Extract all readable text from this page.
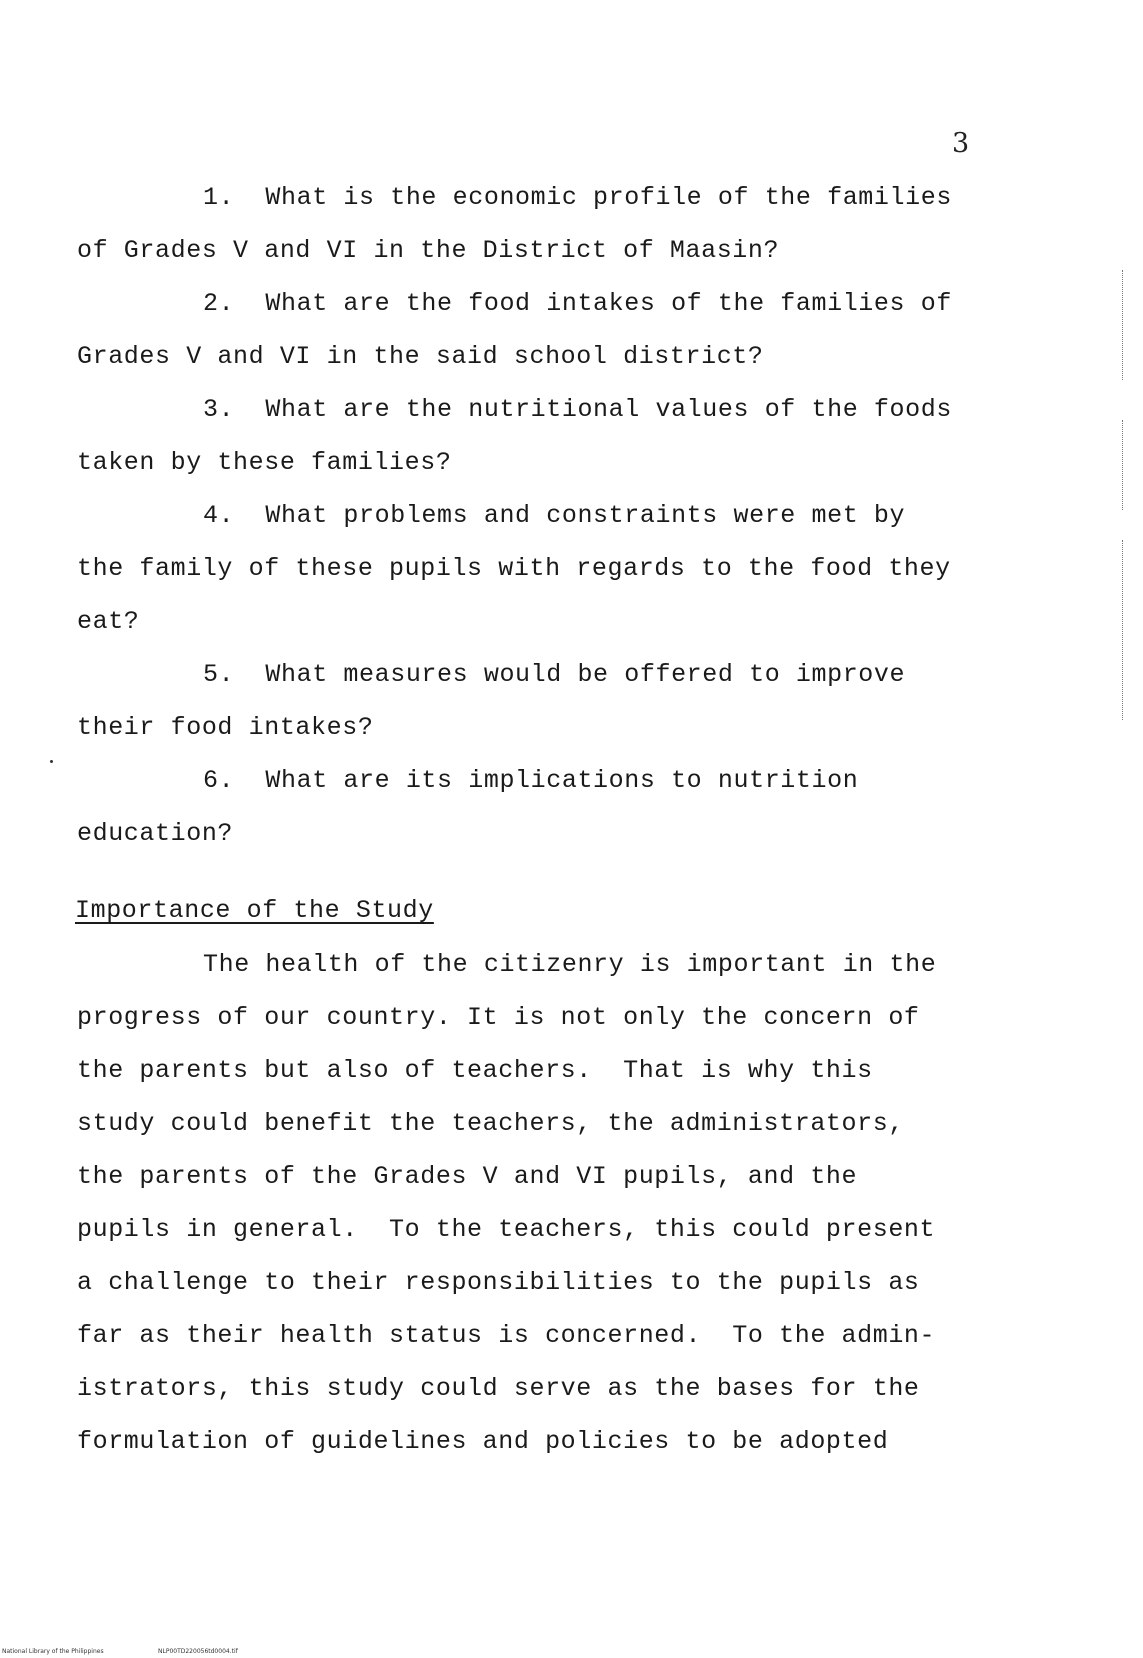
3
1.  What is the economic profile of the families
of Grades V and VI in the District of Maasin?
2.  What are the food intakes of the families of
Grades V and VI in the said school district?
3.  What are the nutritional values of the foods
taken by these families?
4.  What problems and constraints were met by
the family of these pupils with regards to the food they
eat?
5.  What measures would be offered to improve
their food intakes?
6.  What are its implications to nutrition
education?
Importance of the Study
The health of the citizenry is important in the
progress of our country. It is not only the concern of
the parents but also of teachers.  That is why this
study could benefit the teachers, the administrators,
the parents of the Grades V and VI pupils, and the
pupils in general.  To the teachers, this could present
a challenge to their responsibilities to the pupils as
far as their health status is concerned.  To the admin-
istrators, this study could serve as the bases for the
formulation of guidelines and policies to be adopted
National Library of the Philippines	NLP00TD220056td0004.tif
